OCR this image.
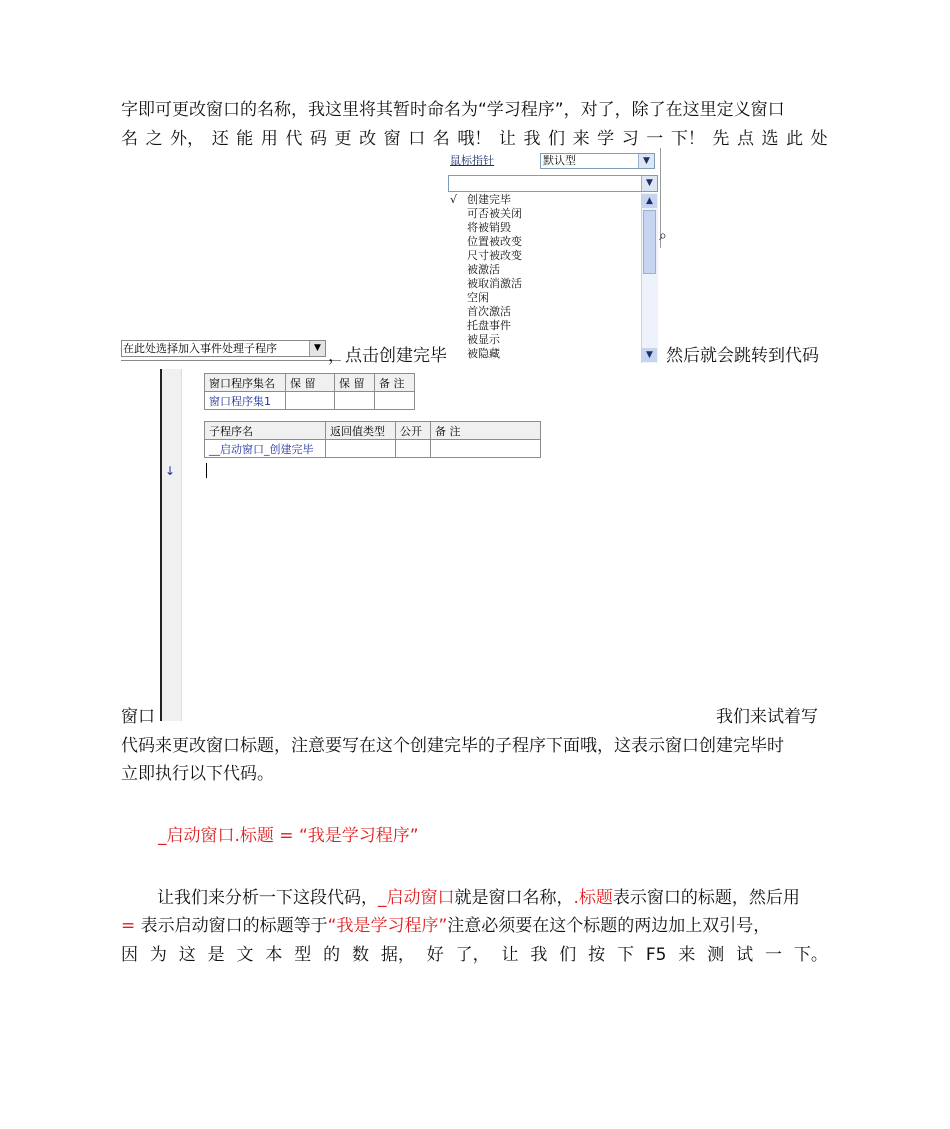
字即可更改窗口的名称，我这里将其暂时命名为“学习程序”，对了，除了在这里定义窗口
名 之 外， 还 能 用 代 码 更 改 窗 口 名 哦！ 让 我 们 来 学 习 一 下！ 先 点 选 此 处
鼠标指针	默认型	▼
⌕
▼
√ 创建完毕
可否被关闭
将被销毁
位置被改变
尺寸被改变
被激活
被取消激活
空闲
首次激活
托盘事件
被显示
被隐藏
▲
▼
在此处选择加入事件处理子程序	▼ ，点击创建完毕	然后就会跳转到代码
↓
窗口程序集名	保 留	保 留	备 注
窗口程序集1			
子程序名	返回值类型	公开	备 注
__启动窗口_创建完毕			
窗口	我们来试着写
代码来更改窗口标题，注意要写在这个创建完毕的子程序下面哦，这表示窗口创建完毕时
立即执行以下代码。
_启动窗口.标题 = “我是学习程序”
让我们来分析一下这段代码，_启动窗口就是窗口名称，.标题表示窗口的标题，然后用
= 表示启动窗口的标题等于“我是学习程序”注意必须要在这个标题的两边加上双引号，
因 为 这 是 文 本 型 的 数 据， 好 了， 让 我 们 按 下 F5 来 测 试 一 下。
